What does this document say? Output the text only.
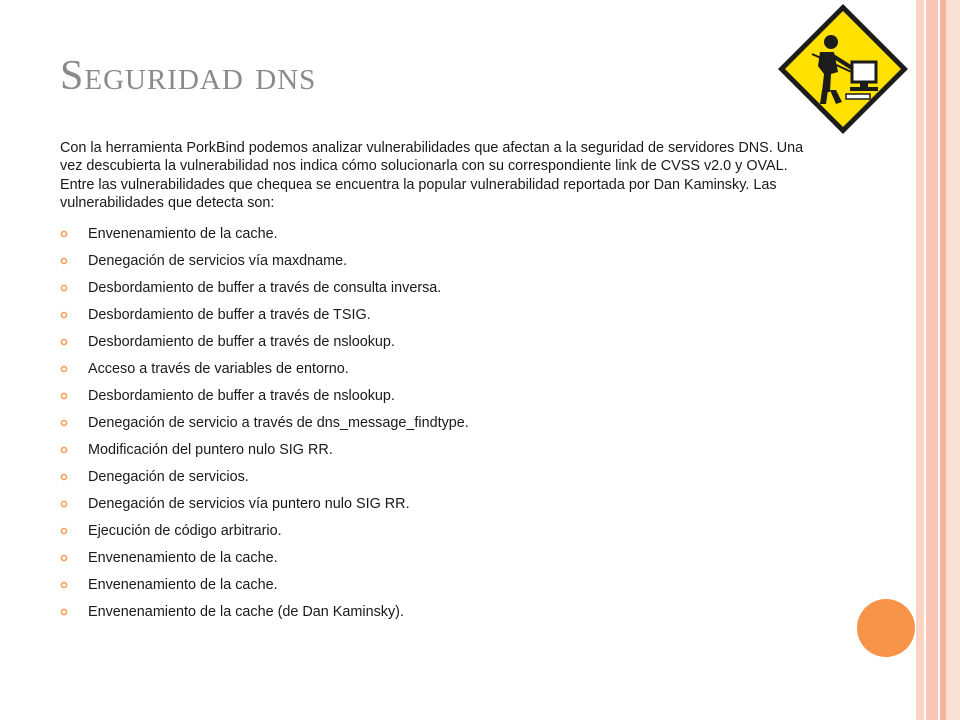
Seguridad dns

Con la herramienta PorkBind podemos analizar vulnerabilidades que afectan a la seguridad de servidores DNS. Una vez descubierta la vulnerabilidad nos indica cómo solucionarla con su correspondiente link de CVSS v2.0 y OVAL. Entre las vulnerabilidades que chequea se encuentra la popular vulnerabilidad reportada por Dan Kaminsky. Las vulnerabilidades que detecta son:

Envenenamiento de la cache.
Denegación de servicios vía maxdname.
Desbordamiento de buffer a través de consulta inversa.
Desbordamiento de buffer a través de TSIG.
Desbordamiento de buffer a través de nslookup.
Acceso a través de variables de entorno.
Desbordamiento de buffer a través de nslookup.
Denegación de servicio a través de dns_message_findtype.
Modificación del puntero nulo SIG RR.
Denegación de servicios.
Denegación de servicios vía puntero nulo SIG RR.
Ejecución de código arbitrario.
Envenenamiento de la cache.
Envenenamiento de la cache.
Envenenamiento de la cache (de Dan Kaminsky).
